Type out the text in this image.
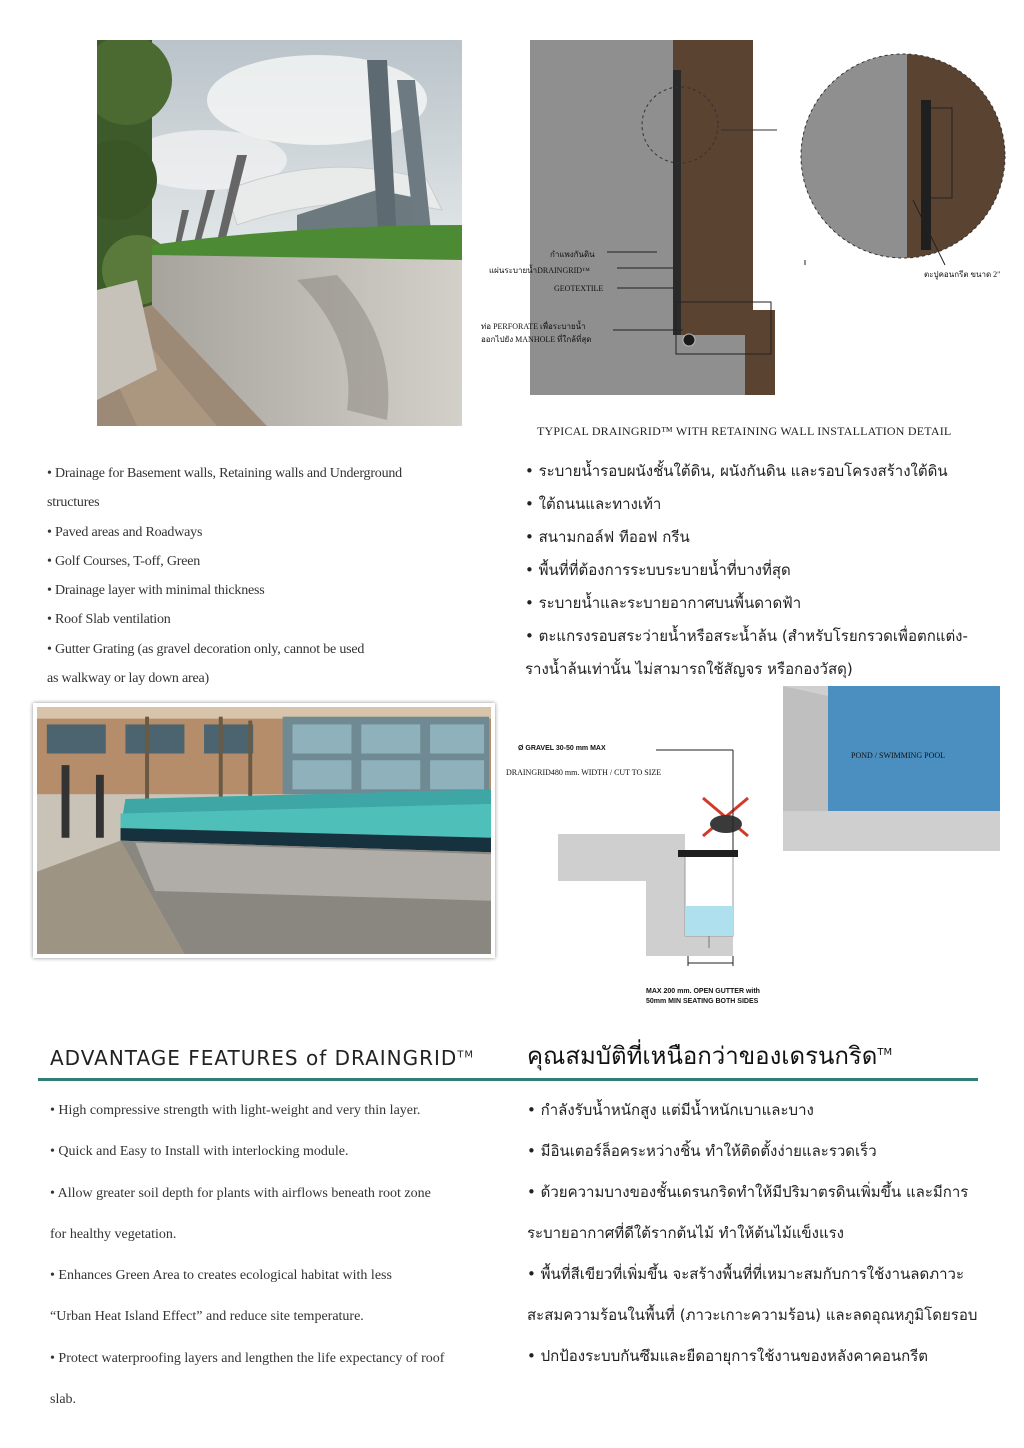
กำแพงกันดิน
แผ่นระบายน้ำDRAINGRID™
GEOTEXTILE
ท่อ PERFORATE เพื่อระบายน้ำ
ออกไปยัง MANHOLE ที่ใกล้ที่สุด
ตะปูคอนกรีต ขนาด 2"
TYPICAL DRAINGRID™ WITH RETAINING WALL INSTALLATION DETAIL
• Drainage for Basement walls, Retaining walls and Underground
structures
• Paved areas and Roadways
• Golf Courses, T-off, Green
• Drainage layer with minimal thickness
• Roof Slab ventilation
• Gutter Grating (as gravel decoration only, cannot be used
as walkway or lay down area)
• ระบายน้ำรอบผนังชั้นใต้ดิน, ผนังกันดิน และรอบโครงสร้างใต้ดิน
• ใต้ถนนและทางเท้า
• สนามกอล์ฟ ทีออฟ กรีน
• พื้นที่ที่ต้องการระบบระบายน้ำที่บางที่สุด
• ระบายน้ำและระบายอากาศบนพื้นดาดฟ้า
• ตะแกรงรอบสระว่ายน้ำหรือสระน้ำล้น (สำหรับโรยกรวดเพื่อตกแต่ง-
รางน้ำล้นเท่านั้น ไม่สามารถใช้สัญจร หรือกองวัสดุ)
Ø GRAVEL 30-50 mm MAX
DRAINGRID480 mm. WIDTH / CUT TO SIZE
POND / SWIMMING POOL
MAX 200 mm. OPEN GUTTER with
50mm MIN SEATING BOTH SIDES
ADVANTAGE FEATURES of DRAINGRID™ คุณสมบัติที่เหนือกว่าของเดรนกริด™
• High compressive strength with light-weight and very thin layer.
• Quick and Easy to Install with interlocking module.
• Allow greater soil depth for plants with airflows beneath root zone
for healthy vegetation.
• Enhances Green Area to creates ecological habitat with less
“Urban Heat Island Effect” and reduce site temperature.
• Protect waterproofing layers and lengthen the life expectancy of roof
slab.
• กำลังรับน้ำหนักสูง แต่มีน้ำหนักเบาและบาง
• มีอินเตอร์ล็อคระหว่างชิ้น ทำให้ติดตั้งง่ายและรวดเร็ว
• ด้วยความบางของชั้นเดรนกริดทำให้มีปริมาตรดินเพิ่มขึ้น และมีการ
ระบายอากาศที่ดีใต้รากต้นไม้ ทำให้ต้นไม้แข็งแรง
• พื้นที่สีเขียวที่เพิ่มขึ้น จะสร้างพื้นที่ที่เหมาะสมกับการใช้งานลดภาวะ
สะสมความร้อนในพื้นที่ (ภาวะเกาะความร้อน) และลดอุณหภูมิโดยรอบ
• ปกป้องระบบกันซึมและยืดอายุการใช้งานของหลังคาคอนกรีต
